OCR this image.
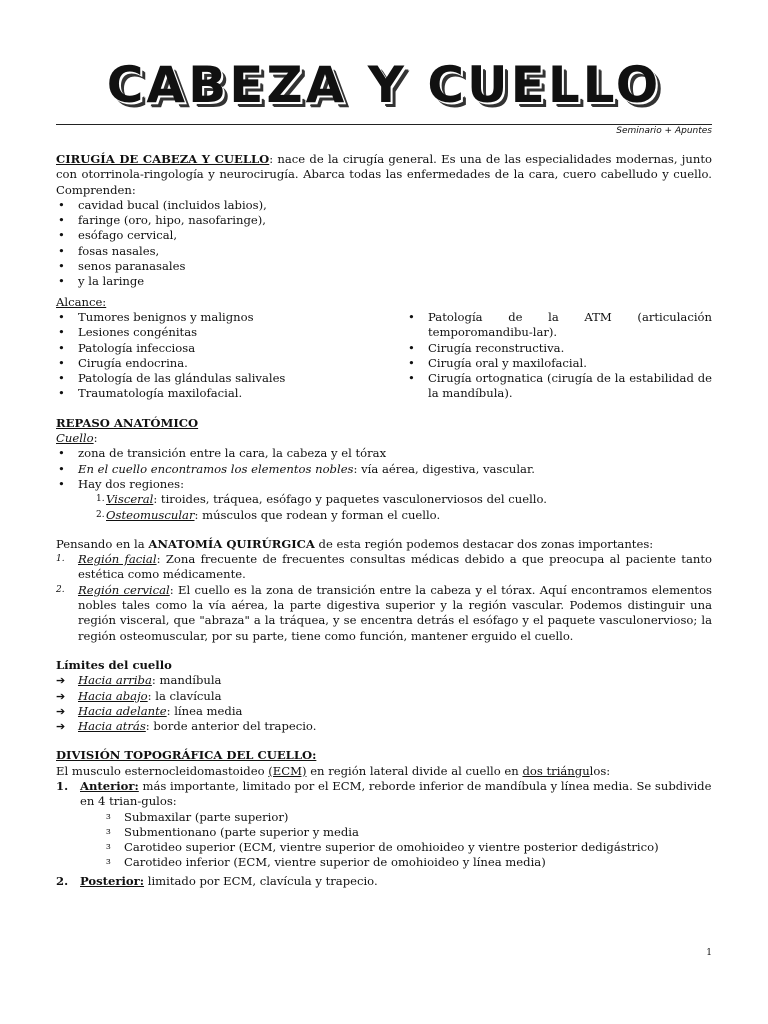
CABEZA Y CUELLO
Seminario + Apuntes

CIRUGÍA DE CABEZA Y CUELLO: nace de la cirugía general. Es una de las especialidades modernas, junto con otorrinola-ringología y neurocirugía. Abarca todas las enfermedades de la cara, cuero cabelludo y cuello. Comprenden:

• cavidad bucal (incluidos labios),
• faringe (oro, hipo, nasofaringe),
• esófago cervical,
• fosas nasales,
• senos paranasales
• y la laringe

Alcance:

• Tumores benignos y malignos
• Lesiones congénitas
• Patología infecciosa
• Cirugía endocrina.
• Patología de las glándulas salivales
• Traumatología maxilofacial.
• Patología de la ATM (articulación temporomandibu-lar).
• Cirugía reconstructiva.
• Cirugía oral y maxilofacial.
• Cirugía ortognatica (cirugía de la estabilidad de la mandíbula).

REPASO ANATÓMICO

Cuello:

• zona de transición entre la cara, la cabeza y el tórax
• En el cuello encontramos los elementos nobles: vía aérea, digestiva, vascular.
• Hay dos regiones:
1. Visceral: tiroides, tráquea, esófago y paquetes vasculonerviosos del cuello.
2. Osteomuscular: músculos que rodean y forman el cuello.

Pensando en la ANATOMÍA QUIRÚRGICA de esta región podemos destacar dos zonas importantes:

1. Región facial: Zona frecuente de frecuentes consultas médicas debido a que preocupa al paciente tanto estética como médicamente.
2. Región cervical: El cuello es la zona de transición entre la cabeza y el tórax. Aquí encontramos elementos nobles tales como la vía aérea, la parte digestiva superior y la región vascular. Podemos distinguir una región visceral, que "abraza" a la tráquea, y se encentra detrás el esófago y el paquete vasculonervioso; la región osteomuscular, por su parte, tiene como función, mantener erguido el cuello.

Límites del cuello

➔ Hacia arriba: mandíbula
➔ Hacia abajo: la clavícula
➔ Hacia adelante: línea media
➔ Hacia atrás: borde anterior del trapecio.

DIVISIÓN TOPOGRÁFICA DEL CUELLO:

El musculo esternocleidomastoideo (ECM) en región lateral divide al cuello en dos triángulos:

1. Anterior: más importante, limitado por el ECM, reborde inferior de mandíbula y línea media. Se subdivide en 4 trian-gulos:
ɜ Submaxilar (parte superior)
ɜ Submentionano (parte superior y media
ɜ Carotideo superior (ECM, vientre superior de omohioideo y vientre posterior dedigástrico)
ɜ Carotideo inferior (ECM, vientre superior de omohioideo y línea media)
2. Posterior: limitado por ECM, clavícula y trapecio.
1
